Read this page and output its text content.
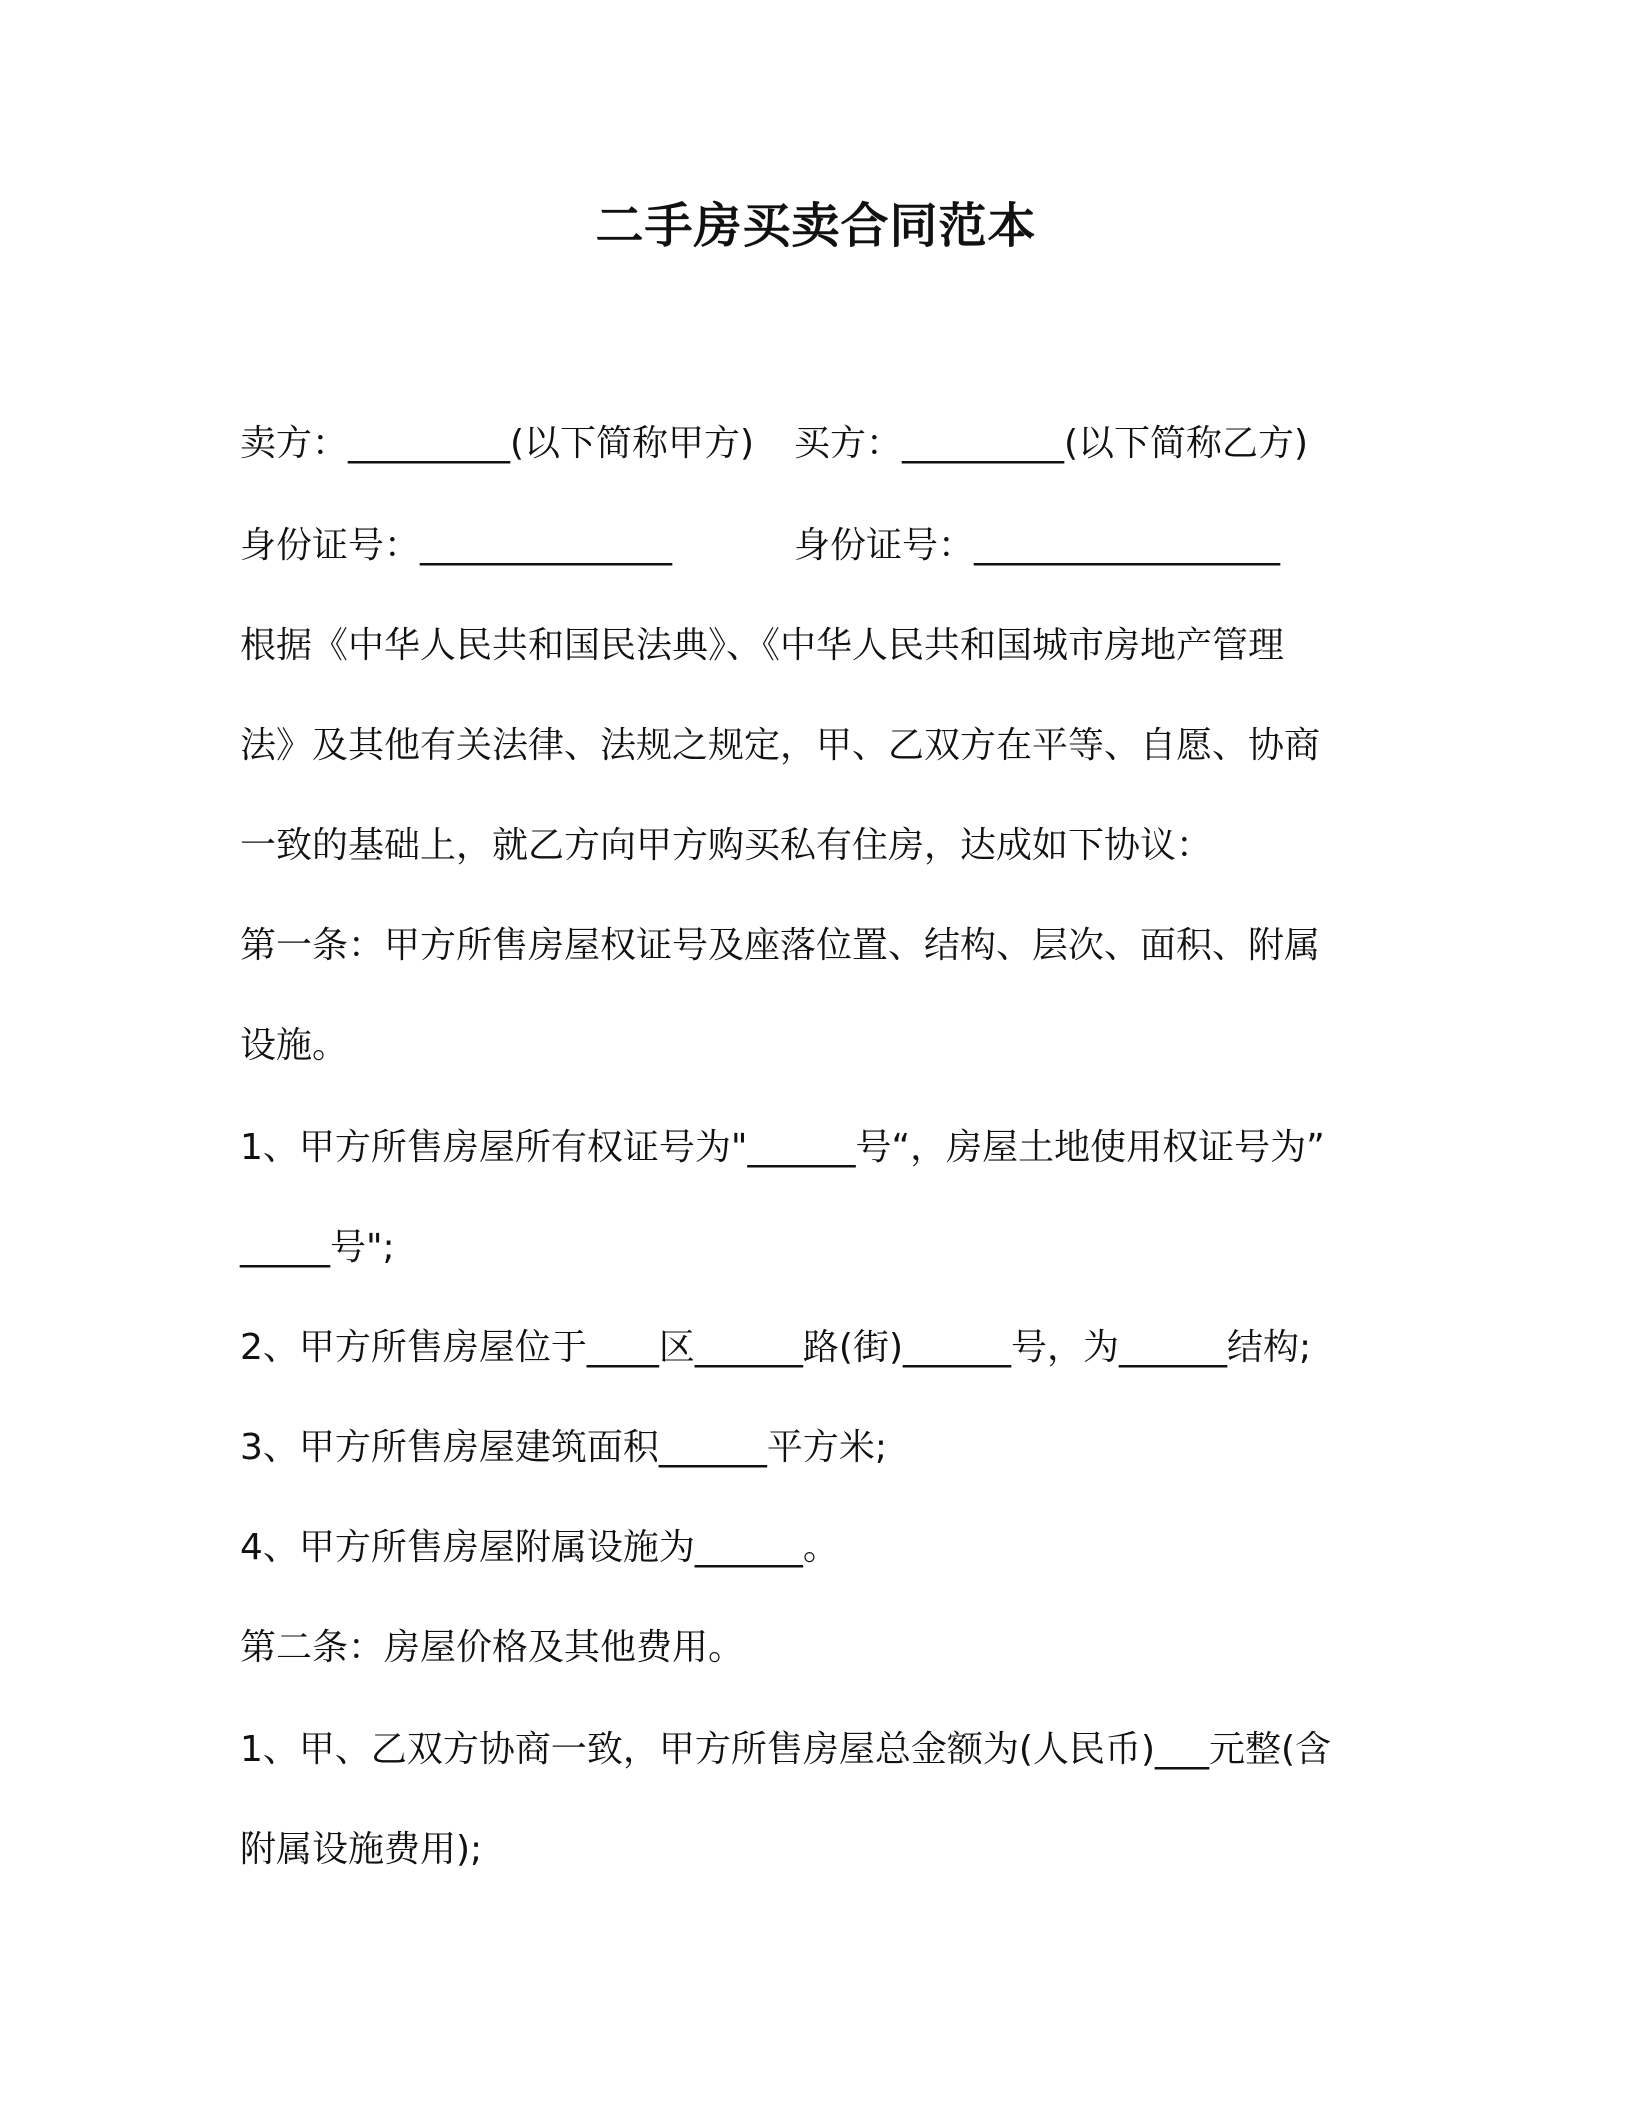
二手房买卖合同范本
卖方：_________(以下简称甲方) 买方：_________(以下简称乙方)
身份证号：______________	身份证号：_________________
根据《中华人民共和国民法典》、《中华人民共和国城市房地产管理
法》及其他有关法律、法规之规定，甲、乙双方在平等、自愿、协商
一致的基础上，就乙方向甲方购买私有住房，达成如下协议：
第一条：甲方所售房屋权证号及座落位置、结构、层次、面积、附属
设施。
1、甲方所售房屋所有权证号为"______号“，房屋土地使用权证号为”
_____号";
2、甲方所售房屋位于____区______路(街)______号，为______结构;
3、甲方所售房屋建筑面积______平方米;
4、甲方所售房屋附属设施为______。
第二条：房屋价格及其他费用。
1、甲、乙双方协商一致，甲方所售房屋总金额为(人民币)___元整(含
附属设施费用);
